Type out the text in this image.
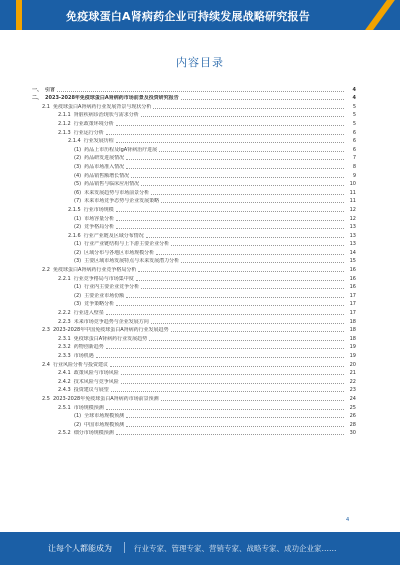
免疫球蛋白A肾病药企业可持续发展战略研究报告
内容目录
一、 引言	4
二、 2023-2028年免疫球蛋白A肾病药市场前景及投资研究报告	4
2.1 免疫球蛋白A肾病药行业发展背景与现状分析	5
2.1.1 肾脏疾病诊治现状与需求分析	5
2.1.2 行业政策环境分析	5
2.1.3 行业运行分析	6
2.1.4 行业发展历程	6
(1) 药品上市历程及IgA肾病治疗进展	6
(2) 药品研发进展情况	7
(3) 药品市场准入情况	8
(4) 药品销售额增长情况	9
(5) 药品销售与临床应用情况	10
(6) 未来发展趋势与市场前景分析	11
(7) 未来市场竞争态势与企业发展策略	11
2.1.5 行业市场规模	12
(1) 市场容量分析	12
(2) 竞争格局分析	13
2.1.6 行业产业链及区域分布情况	13
(1) 行业产业链结构与上下游主要企业分析	13
(2) 区域分布与各地区市场规模分析	14
(3) 主要区域市场发展特点与未来发展潜力分析	15
2.2 免疫球蛋白A肾病药行业竞争格局分析	16
2.2.1 行业竞争格局与市场集中度	16
(1) 行业内主要企业竞争分析	16
(2) 主要企业市场份额	17
(3) 竞争策略分析	17
2.2.2 行业进入壁垒	17
2.2.3 未来市场竞争趋势与企业发展方向	18
2.3 2023-2028年中国免疫球蛋白A肾病药行业发展趋势	18
2.3.1 免疫球蛋白A肾病药行业发展趋势	18
2.3.2 药物创新趋势	19
2.3.3 市场机遇	19
2.4 行业风险分析与投资建议	20
2.4.1 政策风险与市场风险	21
2.4.2 技术风险与竞争风险	22
2.4.3 投资建议与展望	23
2.5 2023-2028年免疫球蛋白A肾病药市场前景预测	24
2.5.1 市场规模预测	25
(1) 全球市场规模预测	26
(2) 中国市场规模预测	28
2.5.2 细分市场规模预测	30
4
让每个人都能成为	行业专家、管理专家、营销专家、战略专家、成功企业家……
